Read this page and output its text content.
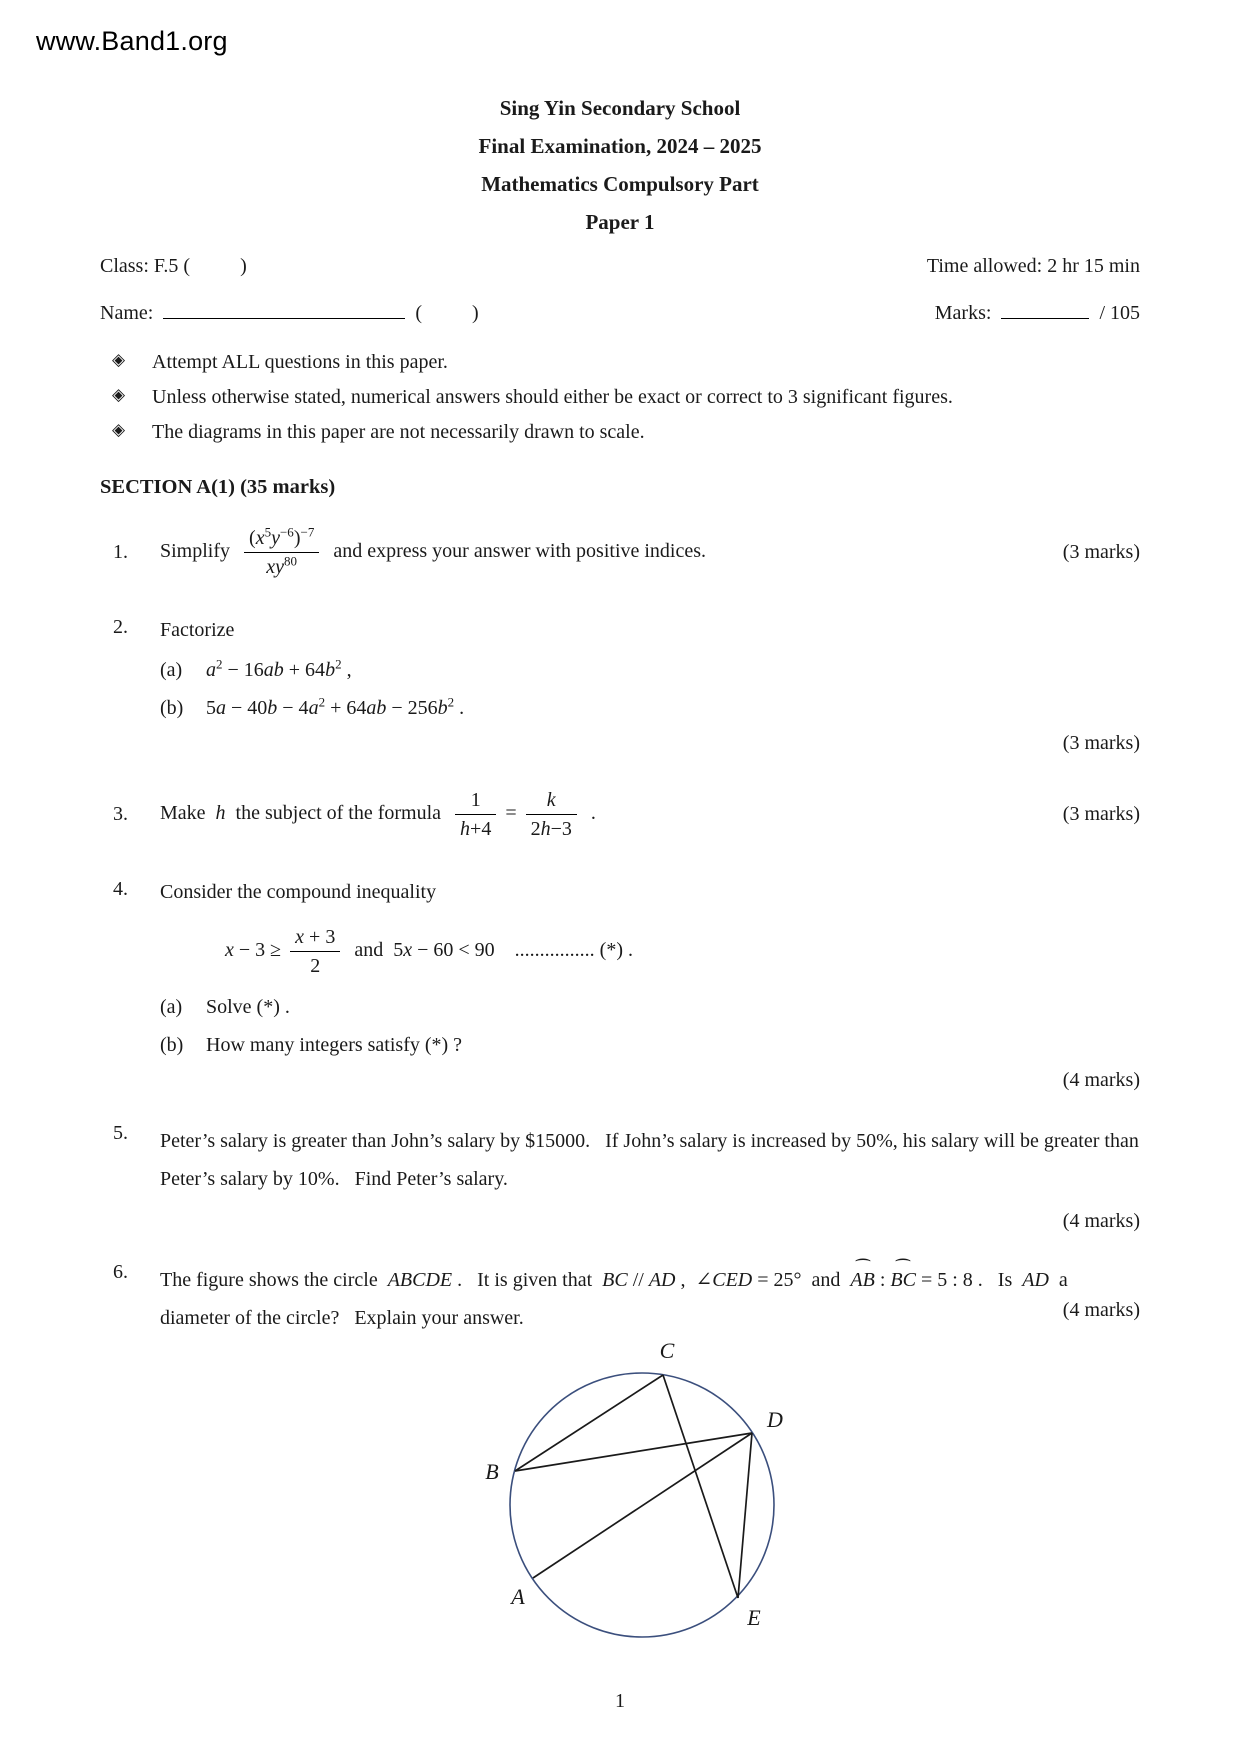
www.Band1.org
Sing Yin Secondary School
Final Examination, 2024 – 2025
Mathematics Compulsory Part
Paper 1
Class: F.5 (          )	Time allowed: 2 hr 15 min
Name:	(          )	Marks:	/ 105
◈	Attempt ALL questions in this paper.
◈	Unless otherwise stated, numerical answers should either be exact or correct to 3 significant figures.
◈	The diagrams in this paper are not necessarily drawn to scale.
SECTION A(1) (35 marks)
1.	Simplify $\frac{(x^5y^{-6})^{-7}}{xy^{80}}$ and express your answer with positive indices.	(3 marks)
2.	Factorize
(a)	$a^2 - 16ab + 64b^2$ ,
(b)	$5a - 40b - 4a^2 + 64ab - 256b^2$ .
(3 marks)
3.	Make  h  the subject of the formula $\frac{1}{h+4} = \frac{k}{2h-3}$ .	(3 marks)
4.	Consider the compound inequality
$x - 3 \ge \frac{x + 3}{2}$ and  5x − 60 < 90    ................ (*) .
(a)	Solve (*) .
(b)	How many integers satisfy (*) ?
(4 marks)
5.	Peter’s salary is greater than John’s salary by $15000.   If John’s salary is increased by 50%, his salary will be greater than Peter’s salary by 10%.   Find Peter’s salary.
(4 marks)
6.	The figure shows the circle  ABCDE .   It is given that  BC // AD ,  ∠CED = 25°  and
⌢
AB :
⌢
BC = 5 : 8 .   Is  AD  a diameter of the circle?   Explain your answer.	(4 marks)
A
B
C
D
E
1
